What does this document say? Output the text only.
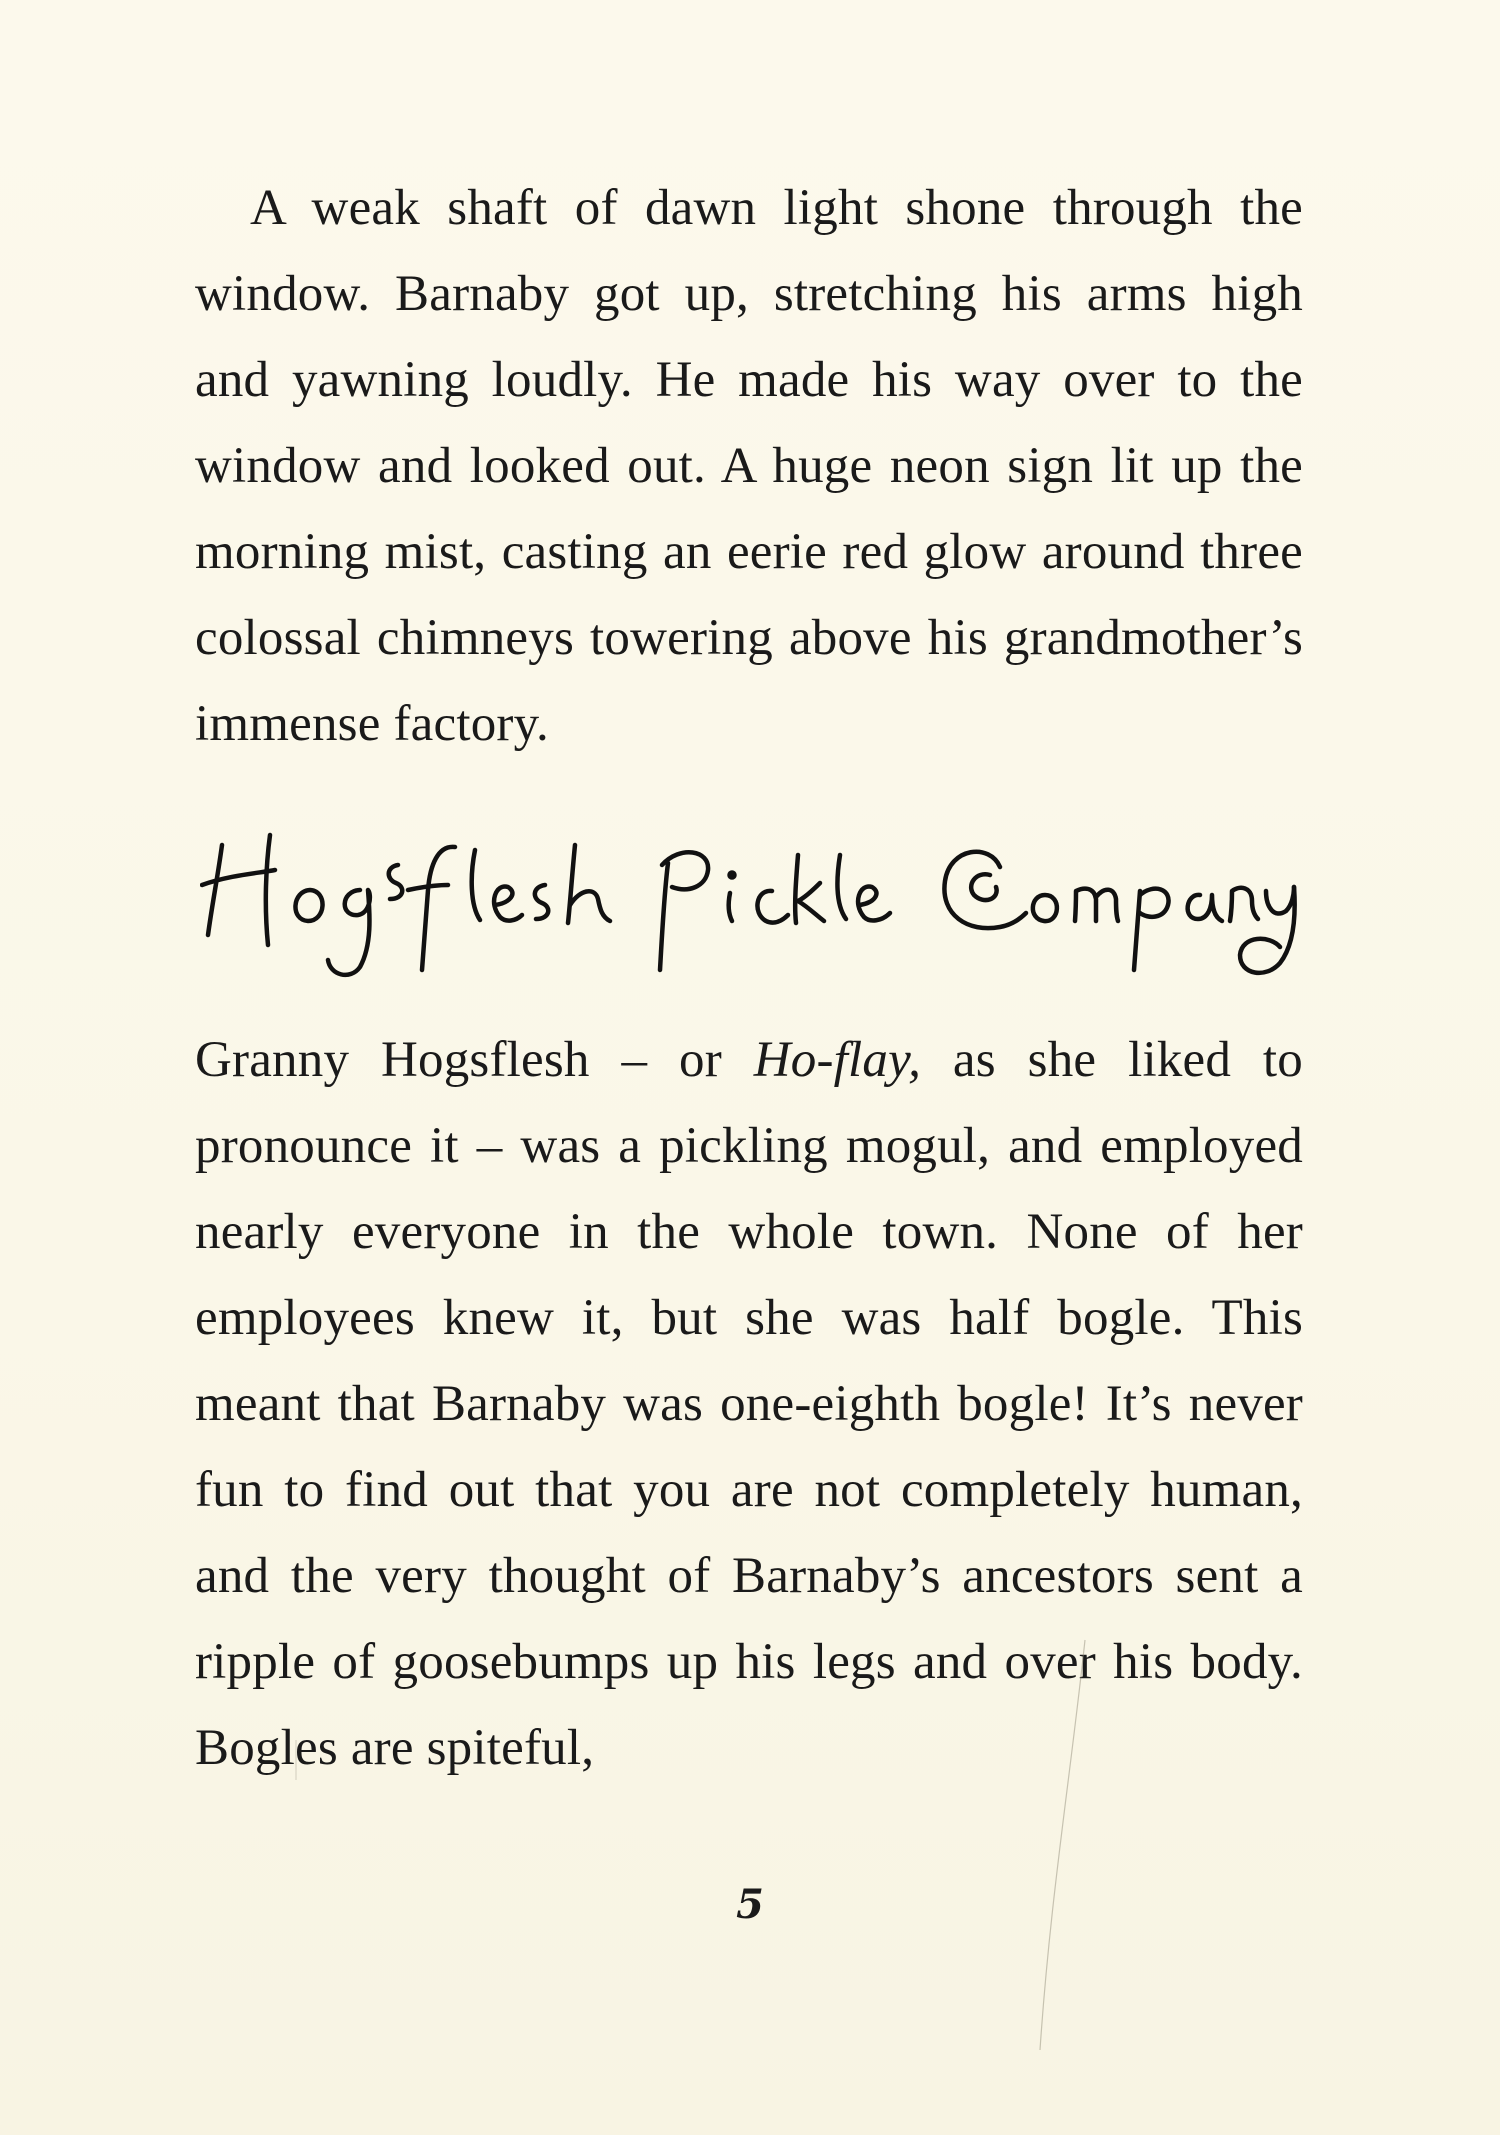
A weak shaft of dawn light shone through the window. Barnaby got up, stretching his arms high and yawning loudly. He made his way over to the window and looked out. A huge neon sign lit up the morning mist, casting an eerie red glow around three colossal chimneys towering above his grandmother’s immense factory.

Granny Hogsflesh – or Ho-flay, as she liked to pronounce it – was a pickling mogul, and employed nearly everyone in the whole town. None of her employees knew it, but she was half bogle. This meant that Barnaby was one-eighth bogle! It’s never fun to find out that you are not completely human, and the very thought of Barnaby’s ancestors sent a ripple of goosebumps up his legs and over his body. Bogles are spiteful,

5
